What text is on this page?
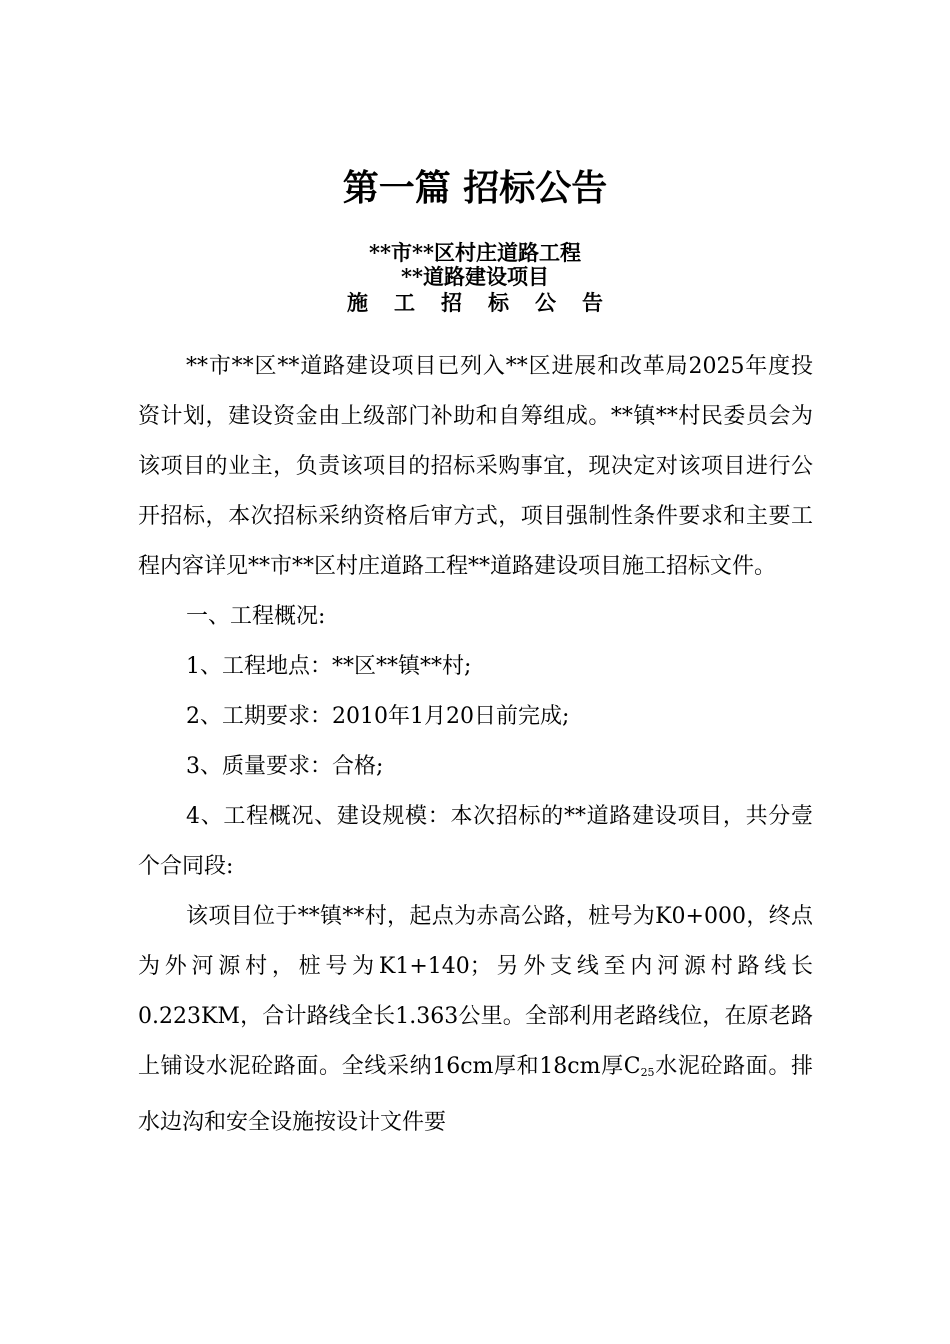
第一篇 招标公告
**市**区村庄道路工程
**道路建设项目
施工招标公告

**市**区**道路建设项目已列入**区进展和改革局2025年度投资计划，建设资金由上级部门补助和自筹组成。**镇**村民委员会为该项目的业主，负责该项目的招标采购事宜，现决定对该项目进行公开招标，本次招标采纳资格后审方式，项目强制性条件要求和主要工程内容详见**市**区村庄道路工程**道路建设项目施工招标文件。

一、工程概况:

1、工程地点：**区**镇**村;

2、工期要求：2010年1月20日前完成;

3、质量要求：合格;

4、工程概况、建设规模：本次招标的**道路建设项目，共分壹个合同段:

该项目位于**镇**村，起点为赤高公路，桩号为K0+000，终点为外河源村，桩号为K1+140；另外支线至内河源村路线长0.223KM，合计路线全长1.363公里。全部利用老路线位，在原老路上铺设水泥砼路面。全线采纳16cm厚和18cm厚C25水泥砼路面。排水边沟和安全设施按设计文件要
